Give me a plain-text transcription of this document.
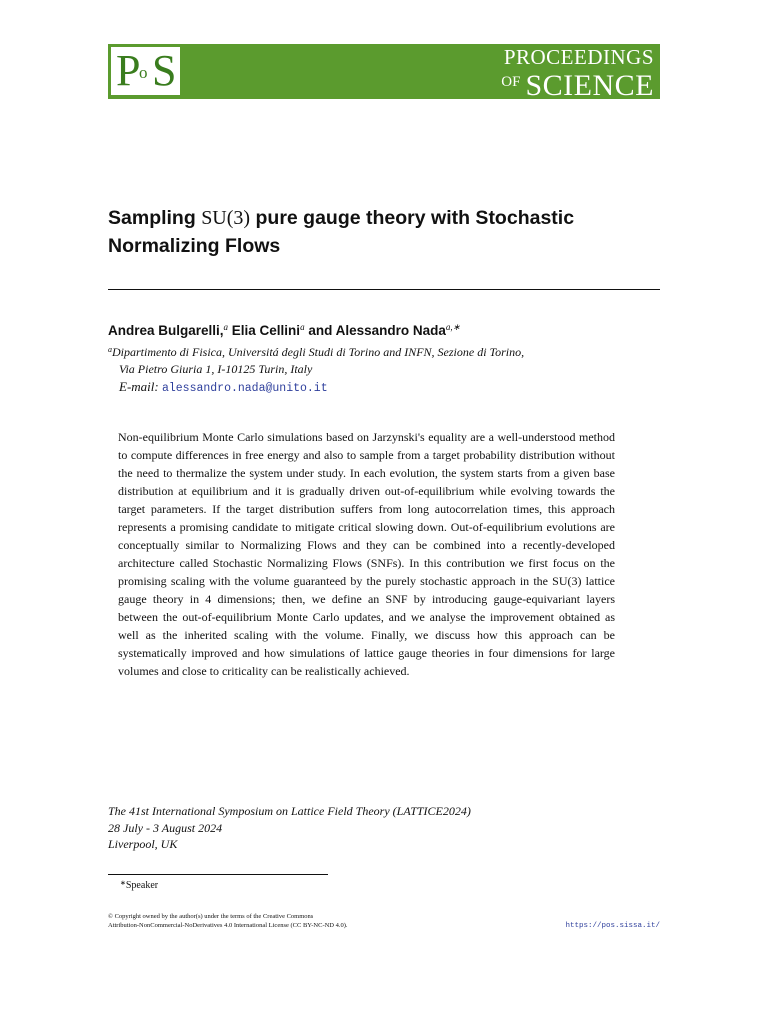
P
o S	PROCEEDINGS
OF SCIENCE
Sampling SU(3) pure gauge theory with Stochastic Normalizing Flows
Andrea Bulgarelli,$^a$ Elia Cellini$^a$ and Alessandro Nada$^{a,∗}$
$^a$Dipartimento di Fisica, Universitá degli Studi di Torino and INFN, Sezione di Torino,
Via Pietro Giuria 1, I-10125 Turin, Italy
E-mail: alessandro.nada@unito.it

Non-equilibrium Monte Carlo simulations based on Jarzynski's equality are a well-understood method to compute differences in free energy and also to sample from a target probability distribution without the need to thermalize the system under study. In each evolution, the system starts from a given base distribution at equilibrium and it is gradually driven out-of-equilibrium while evolving towards the target parameters. If the target distribution suffers from long autocorrelation times, this approach represents a promising candidate to mitigate critical slowing down. Out-of-equilibrium evolutions are conceptually similar to Normalizing Flows and they can be combined into a recently-developed architecture called Stochastic Normalizing Flows (SNFs). In this contribution we first focus on the promising scaling with the volume guaranteed by the purely stochastic approach in the SU(3) lattice gauge theory in 4 dimensions; then, we define an SNF by introducing gauge-equivariant layers between the out-of-equilibrium Monte Carlo updates, and we analyse the improvement obtained as well as the inherited scaling with the volume. Finally, we discuss how this approach can be systematically improved and how simulations of lattice gauge theories in four dimensions for large volumes and close to criticality can be realistically achieved.

The 41st International Symposium on Lattice Field Theory (LATTICE2024)
28 July - 3 August 2024
Liverpool, UK
∗Speaker
© Copyright owned by the author(s) under the terms of the Creative Commons
Attribution-NonCommercial-NoDerivatives 4.0 International License (CC BY-NC-ND 4.0).	https://pos.sissa.it/
